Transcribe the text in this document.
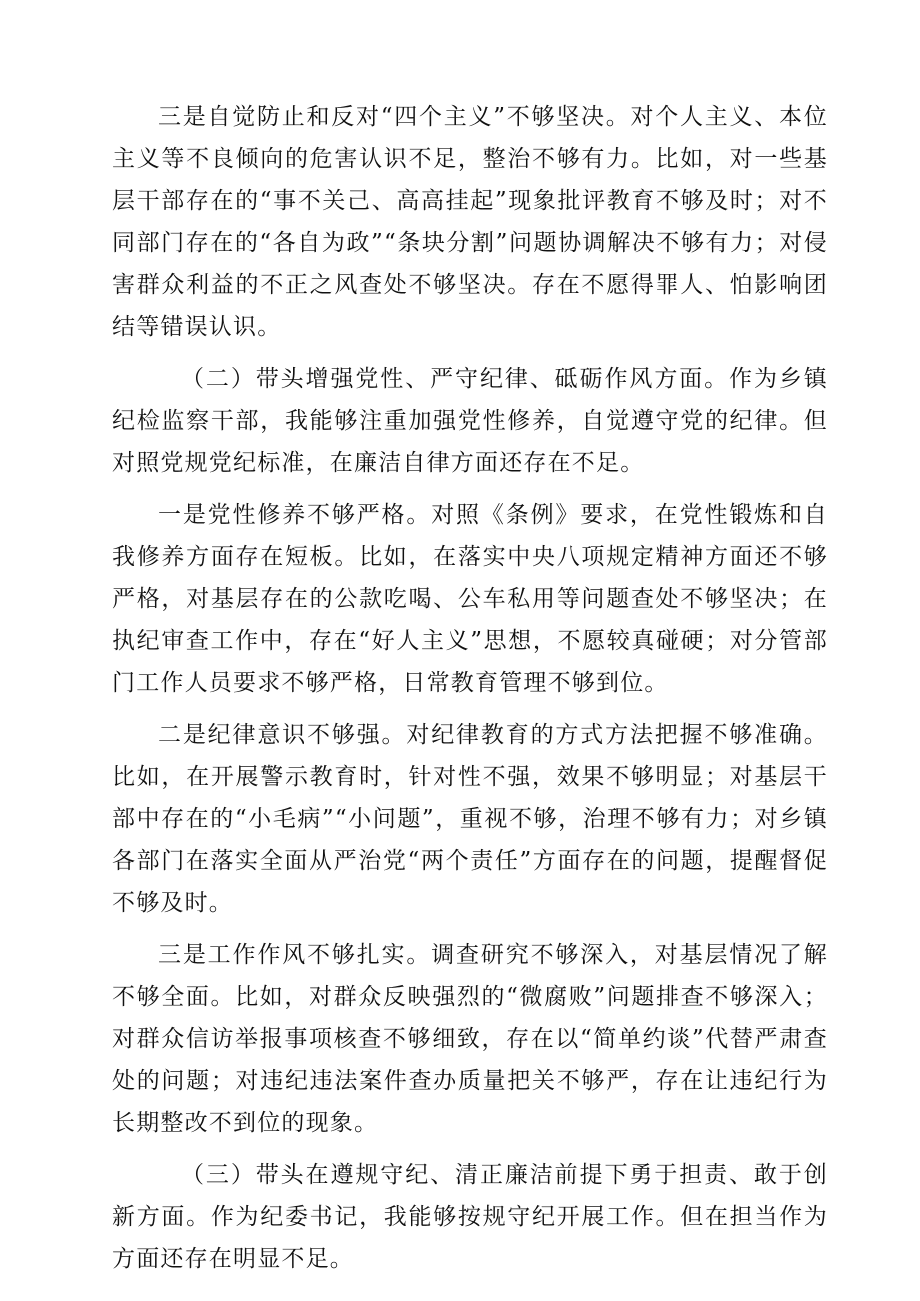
三是自觉防止和反对“四个主义”不够坚决。对个人主义、本位主义等不良倾向的危害认识不足，整治不够有力。比如，对一些基层干部存在的“事不关己、高高挂起”现象批评教育不够及时；对不同部门存在的“各自为政”“条块分割”问题协调解决不够有力；对侵害群众利益的不正之风查处不够坚决。存在不愿得罪人、怕影响团结等错误认识。

（二）带头增强党性、严守纪律、砥砺作风方面。作为乡镇纪检监察干部，我能够注重加强党性修养，自觉遵守党的纪律。但对照党规党纪标准，在廉洁自律方面还存在不足。

一是党性修养不够严格。对照《条例》要求，在党性锻炼和自我修养方面存在短板。比如，在落实中央八项规定精神方面还不够严格，对基层存在的公款吃喝、公车私用等问题查处不够坚决；在执纪审查工作中，存在“好人主义”思想，不愿较真碰硬；对分管部门工作人员要求不够严格，日常教育管理不够到位。

二是纪律意识不够强。对纪律教育的方式方法把握不够准确。比如，在开展警示教育时，针对性不强，效果不够明显；对基层干部中存在的“小毛病”“小问题”，重视不够，治理不够有力；对乡镇各部门在落实全面从严治党“两个责任”方面存在的问题，提醒督促不够及时。

三是工作作风不够扎实。调查研究不够深入，对基层情况了解不够全面。比如，对群众反映强烈的“微腐败”问题排查不够深入；对群众信访举报事项核查不够细致，存在以“简单约谈”代替严肃查处的问题；对违纪违法案件查办质量把关不够严，存在让违纪行为长期整改不到位的现象。

（三）带头在遵规守纪、清正廉洁前提下勇于担责、敢于创新方面。作为纪委书记，我能够按规守纪开展工作。但在担当作为方面还存在明显不足。
